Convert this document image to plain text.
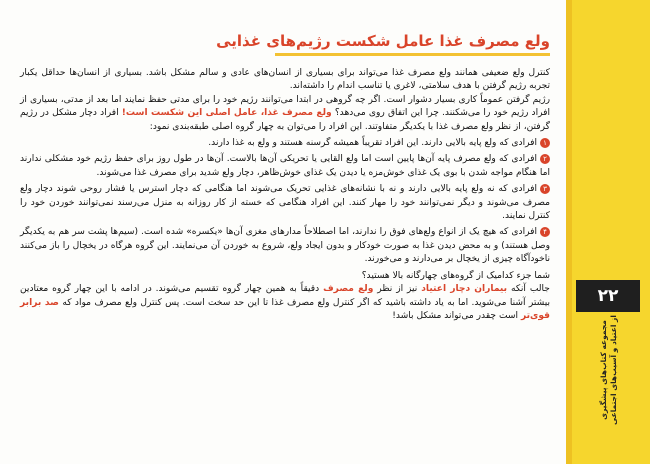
ولع مصرف غذا عامل شکست رژیم‌های غذایی

کنترل ولع ضعیفی همانند ولع مصرف غذا می‌تواند برای بسیاری از انسان‌های عادی و سالم مشکل باشد. بسیاری از انسان‌ها حداقل یکبار تجربه رژیم گرفتن با هدف سلامتی، لاغری یا تناسب اندام را داشته‌اند.

رژیم گرفتن عموماً کاری بسیار دشوار است. اگر چه گروهی در ابتدا می‌توانند رژیم خود را برای مدتی حفظ نمایند اما بعد از مدتی، بسیاری از افراد رژیم خود را می‌شکنند. چرا این اتفاق روی می‌دهد؟ ولع مصرف غذا، عامل اصلی این شکست است! افراد دچار مشکل در رژیم گرفتن، از نظر ولع مصرف غذا با یکدیگر متفاوتند. این افراد را می‌توان به چهار گروه اصلی طبقه‌بندی نمود:

۱افرادی که ولع پایه بالایی دارند. این افراد تقریباً همیشه گرسنه هستند و ولع به غذا دارند.

۲افرادی که ولع مصرف پایه آن‌ها پایین است اما ولع القایی یا تحریکی آن‌ها بالاست. آن‌ها در طول روز برای حفظ رژیم خود مشکلی ندارند اما هنگام مواجه شدن با بوی یک غذای خوش‌مزه یا دیدن یک غذای خوش‌ظاهر، دچار ولع شدید برای مصرف غذا می‌شوند.

۳افرادی که نه ولع پایه بالایی دارند و نه با نشانه‌های غذایی تحریک می‌شوند اما هنگامی که دچار استرس یا فشار روحی شوند دچار ولع مصرف می‌شوند و دیگر نمی‌توانند خود را مهار کنند. این افراد هنگامی که خسته از کار روزانه به منزل می‌رسند نمی‌توانند خوردن خود را کنترل نمایند.

۴افرادی که هیچ یک از انواع ولع‌های فوق را ندارند، اما اصطلاحاً مدارهای مغزی آن‌ها «یکسره» شده است. (سیم‌ها پشت سر هم به یکدیگر وصل هستند) و به محض دیدن غذا به صورت خودکار و بدون ایجاد ولع، شروع به خوردن آن می‌نمایند. این گروه هرگاه در یخچال را باز می‌کنند ناخودآگاه چیزی از یخچال بر می‌دارند و می‌خورند.

شما جزء کدامیک از گروه‌های چهارگانه بالا هستید؟

جالب آنکه بیماران دچار اعتیاد نیز از نظر ولع مصرف دقیقاً به همین چهار گروه تقسیم می‌شوند. در ادامه با این چهار گروه معتادین بیشتر آشنا می‌شوید. اما به یاد داشته باشید که اگر کنترل ولع مصرف غذا تا این حد سخت است. پس کنترل ولع مصرف مواد که صد برابر قوی‌تر است چقدر می‌تواند مشکل باشد!

۲۲
مجموعه کتاب‌های پیشگیری از اعتیاد و آسیب‌های اجتماعی
